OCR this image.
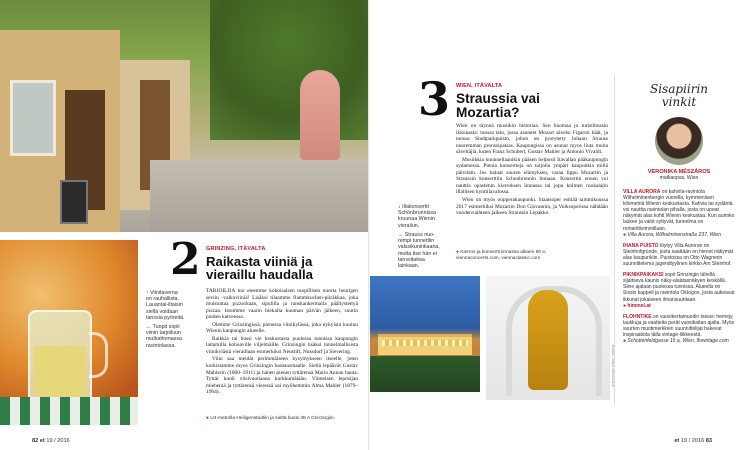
↑ Viinitaverna
on rauhallista.
Lauantai-iltaisin
siellä voidaan
tanssia pyöreitä.
← Tuopit sopii
viinin tarjoiluun
mutkattomassa
ravintolassa.
2 GRINZING, ITÄVALTA
Raikasta viiniä ja
vieraillu haudalla

TARJOILIJA tuo eteemme kokoisalsen tuopillisen nuorta heurigen seviin -valkoviiniä! Lisäksi tilaamme flammkuchen-piiräkkaa, joka muistuttaa pizzoiltaan, sipulilla ja ranskankermalla päällystettyä pizzaa. Istuimme vaarin hiekalla kuuman päivän jälkeen, suurin puiden katveessa.

Olemme Grinzingissä, pienessa viinikylässä, joka nykyisin kuuluu Wienin kaupungin alueelle.

Raikkia tai bussi vie keskustasta puolessa tunnissa kaupungin laitamilla kohoaville viljelmäille. Grinzingin lisäksi tunnelmallisista viinikylästä vieraillaan esimerkiksi Neustift, Nussdorf ja Sievering.

Viini saa meidät perimmäiseen kysymykseen itseelle, joten kurkistamme myos Grinzingin hautausmaalle. Siellä lepäävät Gustav Mahlerin (1860–1911) ja hänen pienen tyttärensä Maria Annan hauta. Tyttär kuoli viisivuotiaana kurkkumätään. Viimeisen leposijan mieheniä ja tyttärensä vieressä sai myöhemmin Alma Mahler (1879–1964).

● U4-metrolla Heiligenstadtiin ja sieltä bussi 38 A Grinzingiin.
82 et 19 / 2016
3 WIEN, ITÄVALTA
Straussia vai
Mozartia?

Wien on täynnä musiikin historiaa. Sen huomaa jo turistibussin ikkunasta: tuossa talo, jossa asuneet Mozart sävelsi Figaron häät, ja tuossa Stadtparkpuisto, johon on pystytetty Johann Strauss nuoremman pronssipatsas. Kaupungissa on asunut myos liuta muita säveltäjiä, kuten Franz Schubert, Gustav Mahler ja Antonio Vivaldi.

Musiikkia kuunnellaanikin pääsen helposti Itavallan pääkaupungin sydamessa. Pienia konsertteja on tarjolla ympäri kaupunkia millä päivitäin. Jos haluat suuren elämyksen, varaa lippu Mozartin ja Straussin konserttiin Schonbrunnin linnaan. Konsertin ennen voi nauttia opastetun kierroksen linnassa tai jopa kolmen ruokalajin illallisen kynttilavalossa.

Wien on myös oopperakaupunki. Staatsoper esittää tammikuussa 2017 esimerkiksi Mozartin Don Giovannin, ja Volksoperissa nähdään vuodenvaihteen jalkeen Straussin Lepakko.

● Kierros ja konsertti linnassa alkaen 60 e,
viennaconcerts.com, viennaclassic.com
↓ Illakonsertit
Schönbrunnissa
kruunaa Wienin
vierailun.
→ Strauss nuo-
rempi tunnettiin
valssikuninkaana,
mutta itse hän ei
tanssitaitaa
lainkaan.
KUVAT: SHUTTERSTOCK
Sisapiirin
vinkit
VERONIKA MÉSZÁROS
matkaopas, Wien
VILLA AURORA on kahvila-ravintola Wilhelminenbergin vuorella, kymmenisen kilometriä Wienin keskustasta. Kahvia tai sydäntä voi nauttia ravintolan pihalla, josta on upeat näkymät alas kohti Wienin keskustaa. Kun aurinko laskee ja valot syttyvät, tunnelma on romanttisimmillaan.
● Villa Aurora, Wilhelminenstraße 237, Wien
IHANA PUISTO löytyy Villa Auroran on Steinhofgründe, josta saattään on hienot näkymät alas kaupunkiin. Puistossa on Otto Wagnerin suunnittelema jugendtyylinen kirkko Am Steinhof.
PIKNIKPAIKAKSI sopii Grinzingin lähellä sijaitseva kaunis näky-alaätasnäkyen keskällä. Siine ajalaan puolessa tunnissa. Alueella on Sissin kappeli ja ravintola Oktogon, josta aukeavat ikkunat jokaiseen ilmansuuntaan.
● himmel.at
FLOHNTIKE on vuosikertamuodin taivas: hemejy, laukkuja ja vaatteita perät vuosikaitan ajalta. Myös suurten muotimerkkien suunnittelijat hakevat inspiraatiota tälla vintage-liikkeestä.
● Schottenfeldgasse 15 a, Wien, flowntage.com
et 19 / 2016 83
